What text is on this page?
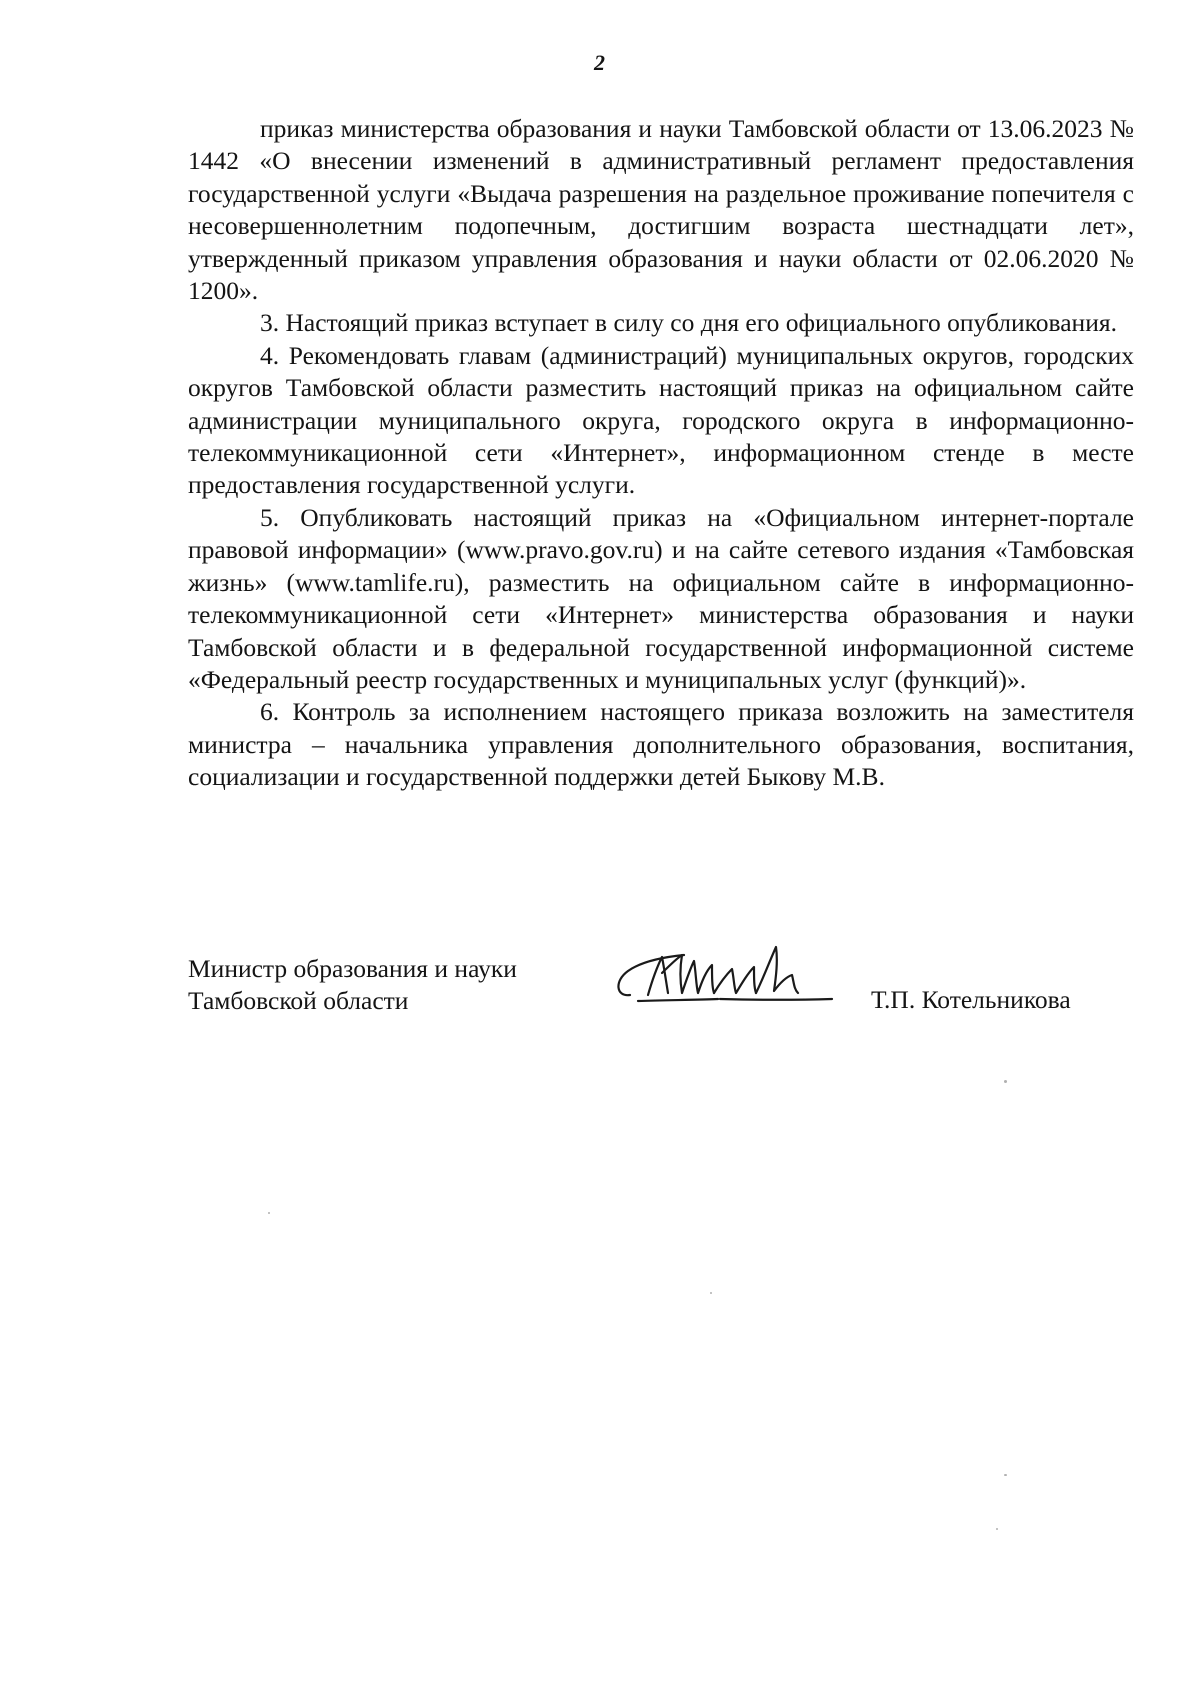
2

приказ министерства образования и науки Тамбовской области от 13.06.2023 № 1442 «О внесении изменений в административный регламент предоставления государственной услуги «Выдача разрешения на раздельное проживание попечителя с несовершеннолетним подопечным, достигшим возраста шестнадцати лет», утвержденный приказом управления образования и науки области от 02.06.2020 № 1200».

3. Настоящий приказ вступает в силу со дня его официального опубликования.

4. Рекомендовать главам (администраций) муниципальных округов, городских округов Тамбовской области разместить настоящий приказ на официальном сайте администрации муниципального округа, городского округа в информационно-телекоммуникационной сети «Интернет», информационном стенде в месте предоставления государственной услуги.

5. Опубликовать настоящий приказ на «Официальном интернет-портале правовой информации» (www.pravo.gov.ru) и на сайте сетевого издания «Тамбовская жизнь» (www.tamlife.ru), разместить на официальном сайте в информационно-телекоммуникационной сети «Интернет» министерства образования и науки Тамбовской области и в федеральной государственной информационной системе «Федеральный реестр государственных и муниципальных услуг (функций)».

6. Контроль за исполнением настоящего приказа возложить на заместителя министра – начальника управления дополнительного образования, воспитания, социализации и государственной поддержки детей Быкову М.В.

Министр образования и науки
Тамбовской области	Т.П. Котельникова
